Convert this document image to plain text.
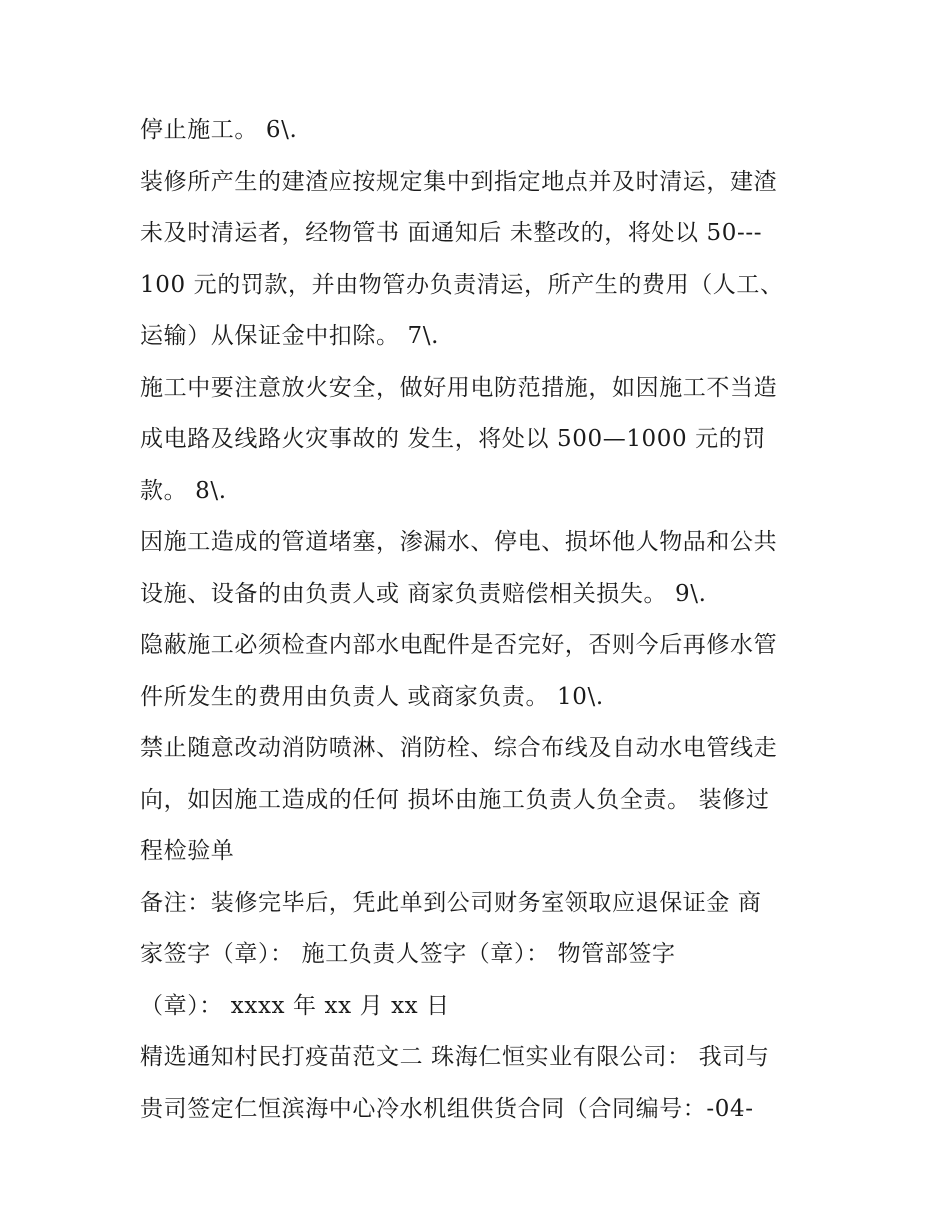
停止施工。 6\.
装修所产生的建渣应按规定集中到指定地点并及时清运，建渣
未及时清运者，经物管书 面通知后 未整改的，将处以 50---
100 元的罚款，并由物管办负责清运，所产生的费用（人工、
运输）从保证金中扣除。 7\.
施工中要注意放火安全，做好用电防范措施，如因施工不当造
成电路及线路火灾事故的 发生，将处以 500—1000 元的罚
款。 8\.
因施工造成的管道堵塞，渗漏水、停电、损坏他人物品和公共
设施、设备的由负责人或 商家负责赔偿相关损失。 9\.
隐蔽施工必须检查内部水电配件是否完好，否则今后再修水管
件所发生的费用由负责人 或商家负责。 10\.
禁止随意改动消防喷淋、消防栓、综合布线及自动水电管线走
向，如因施工造成的任何 损坏由施工负责人负全责。 装修过
程检验单
备注：装修完毕后，凭此单到公司财务室领取应退保证金 商
家签字（章）： 施工负责人签字（章）： 物管部签字
（章）： xxxx 年 xx 月 xx 日
精选通知村民打疫苗范文二 珠海仁恒实业有限公司： 我司与
贵司签定仁恒滨海中心冷水机组供货合同（合同编号：-04-
